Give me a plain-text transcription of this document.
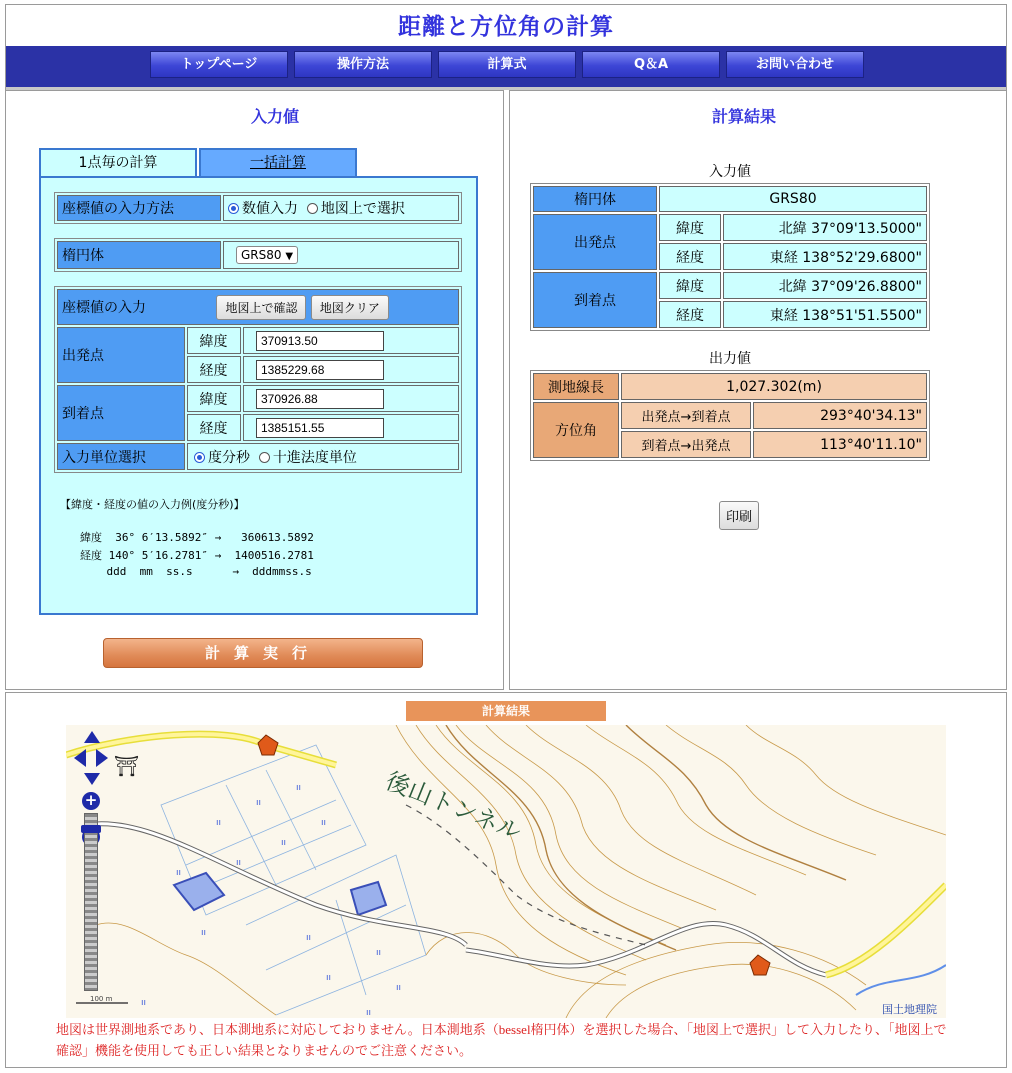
距離と方位角の計算
トップページ	操作方法	計算式	Q＆A	お問い合わせ
入力値
1点毎の計算	一括計算
座標値の入力方法	数値入力 地図上で選択
楕円体	GRS80 ▼
座標値の入力 地図上で確認 地図クリア		
出発点	緯度	370913.50
	経度	1385229.68
到着点	緯度	370926.88
	経度	1385151.55
入力単位選択	度分秒 十進法度単位	
【緯度・経度の値の入力例(度分秒)】
緯度  36° 6′13.5892″ →   360613.5892
経度 140° 5′16.2781″ →  1400516.2781
ddd  mm  ss.s      →  dddmmss.s
計算実行
計算結果
入力値
楕円体	GRS80	
出発点	緯度	北緯 37°09'13.5000"
	経度	東経 138°52'29.6800"
到着点	緯度	北緯 37°09'26.8800"
	経度	東経 138°51'51.5500"
出力値
測地線長	1,027.302(m)	
方位角	出発点→到着点	293°40'34.13"
	到着点→出発点	113°40'11.10"
印刷
計算結果
ıı
ıı
ıı
ıı
ıı
ıı
ıı
ıı
ıı
ıı
ıı
ıı
ıı
ıı
⛩
後山トンネル
国土地理院
100 m
+
地図は世界測地系であり、日本測地系に対応しておりません。日本測地系（bessel楕円体）を選択した場合、「地図上で選択」して入力したり、「地図上で確認」機能を使用しても正しい結果となりませんのでご注意ください。
